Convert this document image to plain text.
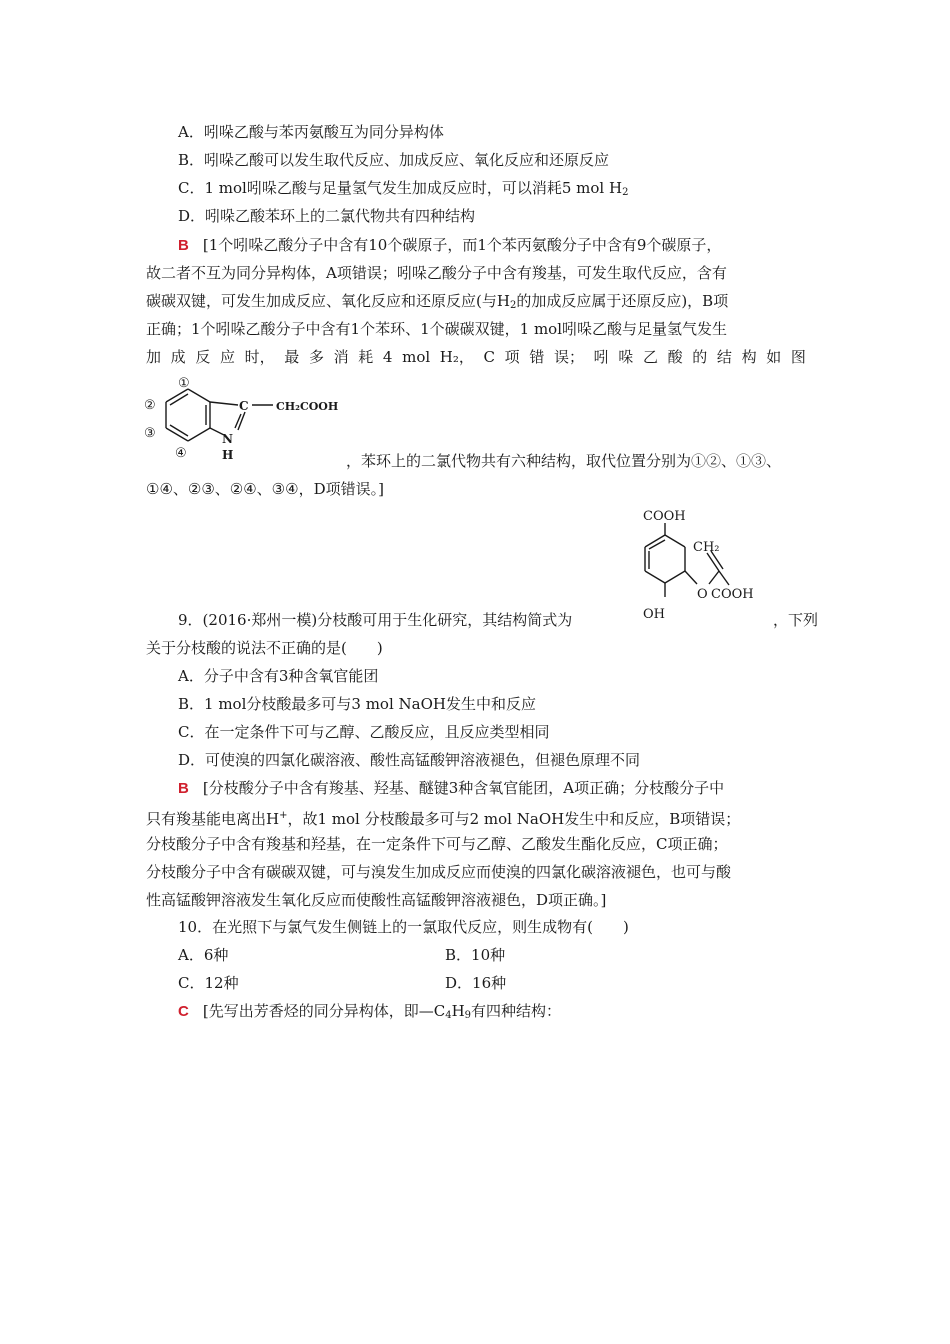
A．吲哚乙酸与苯丙氨酸互为同分异构体
B．吲哚乙酸可以发生取代反应、加成反应、氧化反应和还原反应
C．1 mol吲哚乙酸与足量氢气发生加成反应时，可以消耗5 mol $H_2$
D．吲哚乙酸苯环上的二氯代物共有四种结构
B [1个吲哚乙酸分子中含有10个碳原子，而1个苯丙氨酸分子中含有9个碳原子，
故二者不互为同分异构体，A项错误；吲哚乙酸分子中含有羧基，可发生取代反应，含有
碳碳双键，可发生加成反应、氧化反应和还原反应(与$H_2$的加成反应属于还原反应)，B项
正确；1个吲哚乙酸分子中含有1个苯环、1个碳碳双键，1 mol吲哚乙酸与足量氢气发生
加 成 反 应 时， 最 多 消 耗 4 mol H₂， C 项 错 误； 吲 哚 乙 酸 的 结 构 如 图
①
②
③
④
C CH₂COOH
N
H	，苯环上的二氯代物共有六种结构，取代位置分别为①②、①③、
①④、②③、②④、③④，D项错误。]
9．(2016·郑州一模)分枝酸可用于生化研究，其结构简式为
COOH
CH₂
O COOH
OH	，下列
关于分枝酸的说法不正确的是(　　)
A．分子中含有3种含氧官能团
B．1 mol分枝酸最多可与3 mol NaOH发生中和反应
C．在一定条件下可与乙醇、乙酸反应，且反应类型相同
D．可使溴的四氯化碳溶液、酸性高锰酸钾溶液褪色，但褪色原理不同
B [分枝酸分子中含有羧基、羟基、醚键3种含氧官能团，A项正确；分枝酸分子中
只有羧基能电离出H+，故1 mol 分枝酸最多可与2 mol NaOH发生中和反应，B项错误；
分枝酸分子中含有羧基和羟基，在一定条件下可与乙醇、乙酸发生酯化反应，C项正确；
分枝酸分子中含有碳碳双键，可与溴发生加成反应而使溴的四氯化碳溶液褪色，也可与酸
性高锰酸钾溶液发生氧化反应而使酸性高锰酸钾溶液褪色，D项正确。]
10．在光照下与氯气发生侧链上的一氯取代反应，则生成物有(　　)
A．6种	B．10种
C．12种	D．16种
C [先写出芳香烃的同分异构体，即$—C_4H_9$有四种结构：
